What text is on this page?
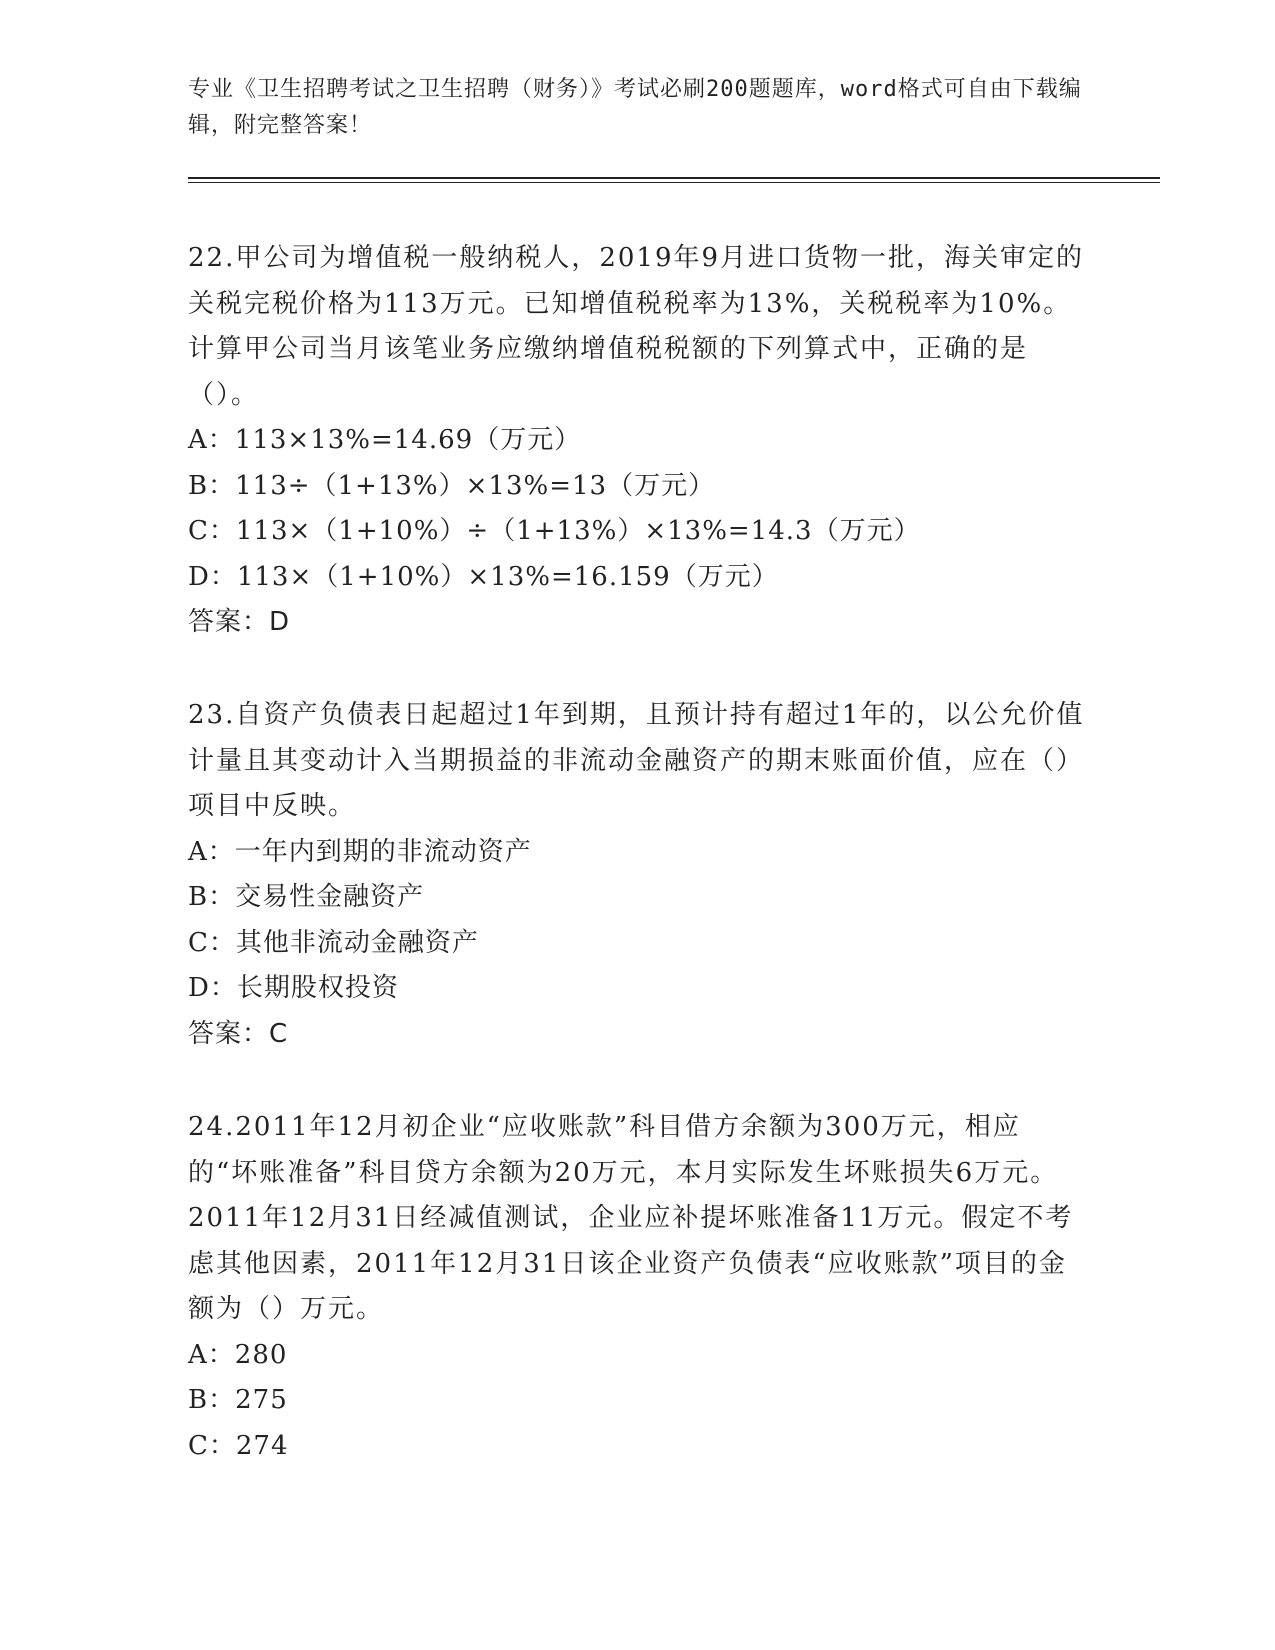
专业《卫生招聘考试之卫生招聘（财务）》考试必刷200题题库，word格式可自由下载编辑，附完整答案！

22.甲公司为增值税一般纳税人，2019年9月进口货物一批，海关审定的关税完税价格为113万元。已知增值税税率为13%，关税税率为10%。计算甲公司当月该笔业务应缴纳增值税税额的下列算式中，正确的是（）。

A：113×13%=14.69（万元）

B：113÷（1+13%）×13%=13（万元）

C：113×（1+10%）÷（1+13%）×13%=14.3（万元）

D：113×（1+10%）×13%=16.159（万元）

答案：D

23.自资产负债表日起超过1年到期，且预计持有超过1年的，以公允价值计量且其变动计入当期损益的非流动金融资产的期末账面价值，应在（）项目中反映。

A：一年内到期的非流动资产

B：交易性金融资产

C：其他非流动金融资产

D：长期股权投资

答案：C

24.2011年12月初企业“应收账款”科目借方余额为300万元，相应的“坏账准备”科目贷方余额为20万元，本月实际发生坏账损失6万元。2011年12月31日经减值测试，企业应补提坏账准备11万元。假定不考虑其他因素，2011年12月31日该企业资产负债表“应收账款”项目的金额为（）万元。

A：280

B：275

C：274
